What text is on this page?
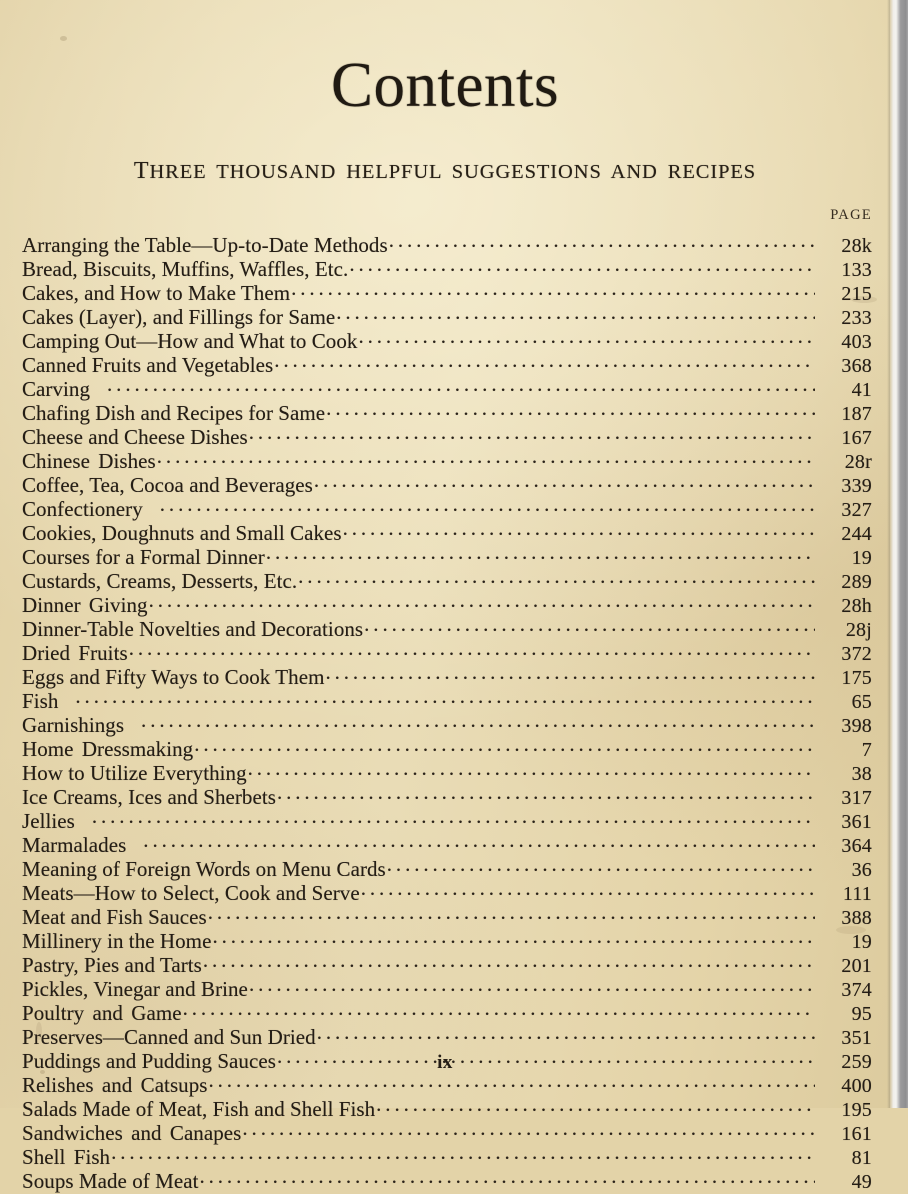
Contents
THREE THOUSAND HELPFUL SUGGESTIONS AND RECIPES
PAGE
Arranging the Table—Up-to-Date Methods .....	28k
Bread, Biscuits, Muffins, Waffles, Etc. .....	133
Cakes, and How to Make Them .....	215
Cakes (Layer), and Fillings for Same .....	233
Camping Out—How and What to Cook .....	403
Canned Fruits and Vegetables .....	368
Carving .....	41
Chafing Dish and Recipes for Same .....	187
Cheese and Cheese Dishes .....	167
Chinese Dishes .....	28r
Coffee, Tea, Cocoa and Beverages .....	339
Confectionery .....	327
Cookies, Doughnuts and Small Cakes .....	244
Courses for a Formal Dinner .....	19
Custards, Creams, Desserts, Etc. .....	289
Dinner Giving .....	28h
Dinner-Table Novelties and Decorations .....	28j
Dried Fruits .....	372
Eggs and Fifty Ways to Cook Them .....	175
Fish .....	65
Garnishings .....	398
Home Dressmaking .....	7
How to Utilize Everything .....	38
Ice Creams, Ices and Sherbets .....	317
Jellies .....	361
Marmalades .....	364
Meaning of Foreign Words on Menu Cards .....	36
Meats—How to Select, Cook and Serve .....	111
Meat and Fish Sauces .....	388
Millinery in the Home .....	19
Pastry, Pies and Tarts .....	201
Pickles, Vinegar and Brine .....	374
Poultry and Game .....	95
Preserves—Canned and Sun Dried .....	351
Puddings and Pudding Sauces .....	259
Relishes and Catsups .....	400
Salads Made of Meat, Fish and Shell Fish .....	195
Sandwiches and Canapes .....	161
Shell Fish .....	81
Soups Made of Meat .....	49
ix
